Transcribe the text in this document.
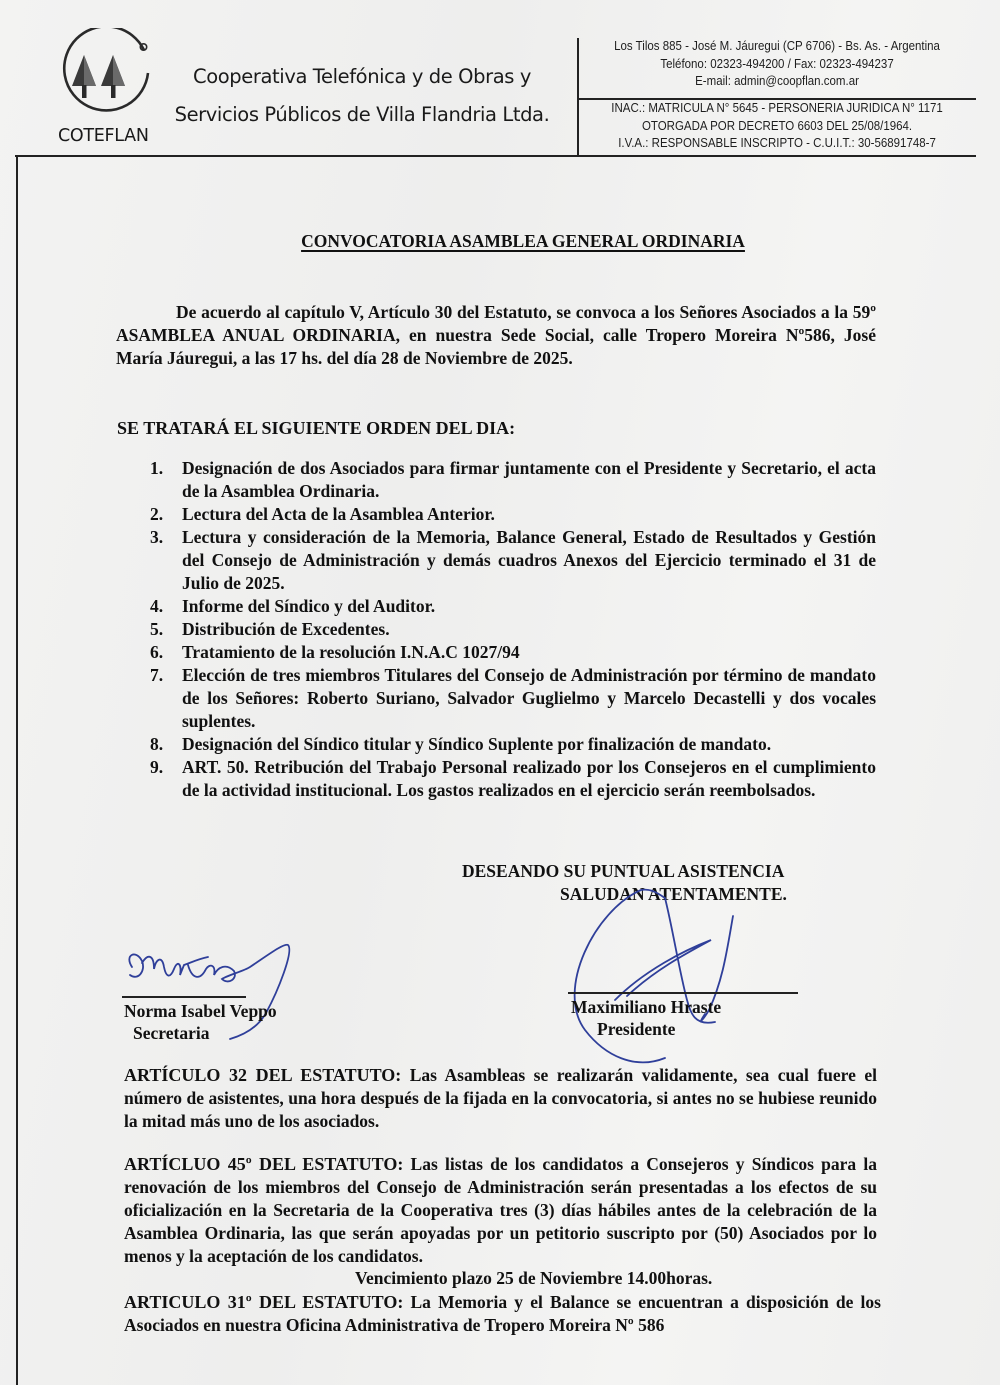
COTEFLAN
Cooperativa Telefónica y de Obras y
Servicios Públicos de Villa Flandria Ltda.
Los Tilos 885 - José M. Jáuregui (CP 6706) - Bs. As. - Argentina
Teléfono: 02323-494200 / Fax: 02323-494237
E-mail: admin@coopflan.com.ar
INAC.: MATRICULA N° 5645 - PERSONERIA JURIDICA N° 1171
OTORGADA POR DECRETO 6603 DEL 25/08/1964.
I.V.A.: RESPONSABLE INSCRIPTO - C.U.I.T.: 30-56891748-7
CONVOCATORIA ASAMBLEA GENERAL ORDINARIA
De acuerdo al capítulo V, Artículo 30 del Estatuto, se convoca a los Señores Asociados a la 59º ASAMBLEA ANUAL ORDINARIA, en nuestra Sede Social, calle Tropero Moreira Nº586, José María Jáuregui, a las 17 hs. del día 28 de Noviembre de 2025.
SE TRATARÁ EL SIGUIENTE ORDEN DEL DIA:
1. Designación de dos Asociados para firmar juntamente con el Presidente y Secretario, el acta de la Asamblea Ordinaria.
2. Lectura del Acta de la Asamblea Anterior.
3. Lectura y consideración de la Memoria, Balance General, Estado de Resultados y Gestión del Consejo de Administración y demás cuadros Anexos del Ejercicio terminado el 31 de Julio de 2025.
4. Informe del Síndico y del Auditor.
5. Distribución de Excedentes.
6. Tratamiento de la resolución I.N.A.C 1027/94
7. Elección de tres miembros Titulares del Consejo de Administración por término de mandato de los Señores: Roberto Suriano, Salvador Guglielmo y Marcelo Decastelli y dos vocales suplentes.
8. Designación del Síndico titular y Síndico Suplente por finalización de mandato.
9. ART. 50. Retribución del Trabajo Personal realizado por los Consejeros en el cumplimiento de la actividad institucional. Los gastos realizados en el ejercicio serán reembolsados.
DESEANDO SU PUNTUAL ASISTENCIA
SALUDAN ATENTAMENTE.
Norma Isabel Veppo
Secretaria
Maximiliano Hraste
Presidente
ARTÍCULO 32 DEL ESTATUTO: Las Asambleas se realizarán validamente, sea cual fuere el número de asistentes, una hora después de la fijada en la convocatoria, si antes no se hubiese reunido la mitad más uno de los asociados.
ARTÍCLUO 45º DEL ESTATUTO: Las listas de los candidatos a Consejeros y Síndicos para la renovación de los miembros del Consejo de Administración serán presentadas a los efectos de su oficialización en la Secretaria de la Cooperativa tres (3) días hábiles antes de la celebración de la Asamblea Ordinaria, las que serán apoyadas por un petitorio suscripto por (50) Asociados por lo menos y la aceptación de los candidatos.
Vencimiento plazo 25 de Noviembre 14.00horas.
ARTICULO 31º DEL ESTATUTO: La Memoria y el Balance se encuentran a disposición de los Asociados en nuestra Oficina Administrativa de Tropero Moreira Nº 586
